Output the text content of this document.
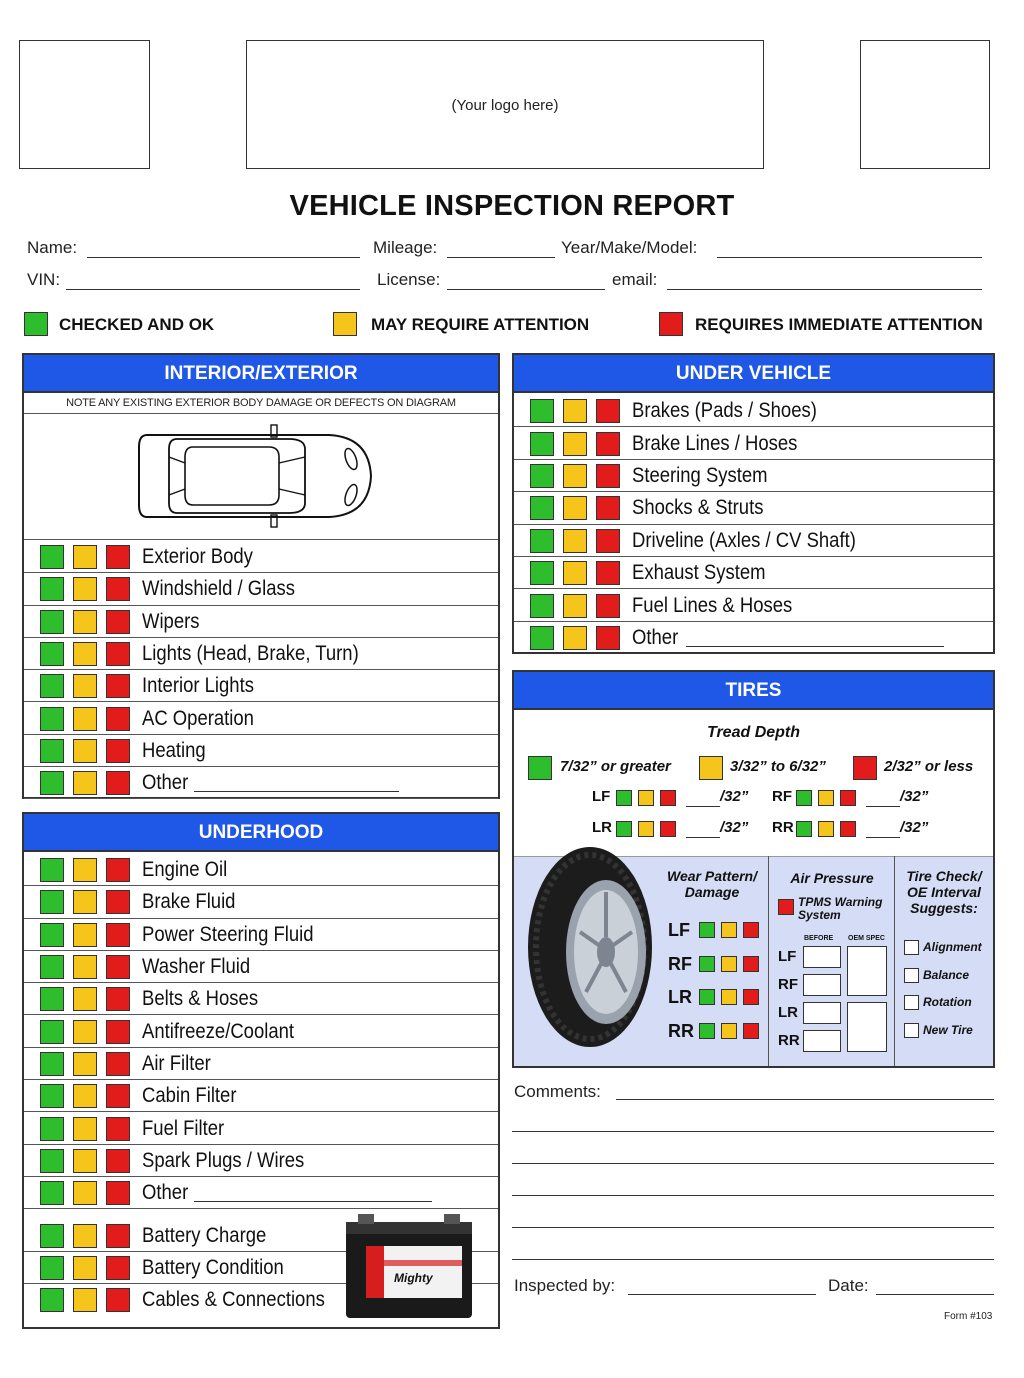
(Your logo here)
VEHICLE INSPECTION REPORT
Name:	Mileage:	Year/Make/Model:
VIN:	License:	email:
CHECKED AND OK	MAY REQUIRE ATTENTION	REQUIRES IMMEDIATE ATTENTION
INTERIOR/EXTERIOR
NOTE ANY EXISTING EXTERIOR BODY DAMAGE OR DEFECTS ON DIAGRAM
Exterior Body
Windshield / Glass
Wipers
Lights (Head, Brake, Turn)
Interior Lights
AC Operation
Heating
Other
UNDERHOOD
Engine Oil
Brake Fluid
Power Steering Fluid
Washer Fluid
Belts & Hoses
Antifreeze/Coolant
Air Filter
Cabin Filter
Fuel Filter
Spark Plugs / Wires
Other
Battery Charge
Battery Condition
Cables & Connections
Mighty
UNDER VEHICLE
Brakes (Pads / Shoes)
Brake Lines / Hoses
Steering System
Shocks & Struts
Driveline (Axles / CV Shaft)
Exhaust System
Fuel Lines & Hoses
Other
TIRES
Tread Depth
7/32” or greater	3/32” to 6/32”	2/32” or less
LF	/32” RF	/32”
LR	/32” RR	/32”
Wear Pattern/ Damage
LF
RF
LR
RR
Air Pressure
TPMS Warning System
BEFORE OEM SPEC
LF
RF
LR
RR
Tire Check/ OE Interval Suggests:
Alignment
Balance
Rotation
New Tire
Comments:
Inspected by:	Date:
Form #103
